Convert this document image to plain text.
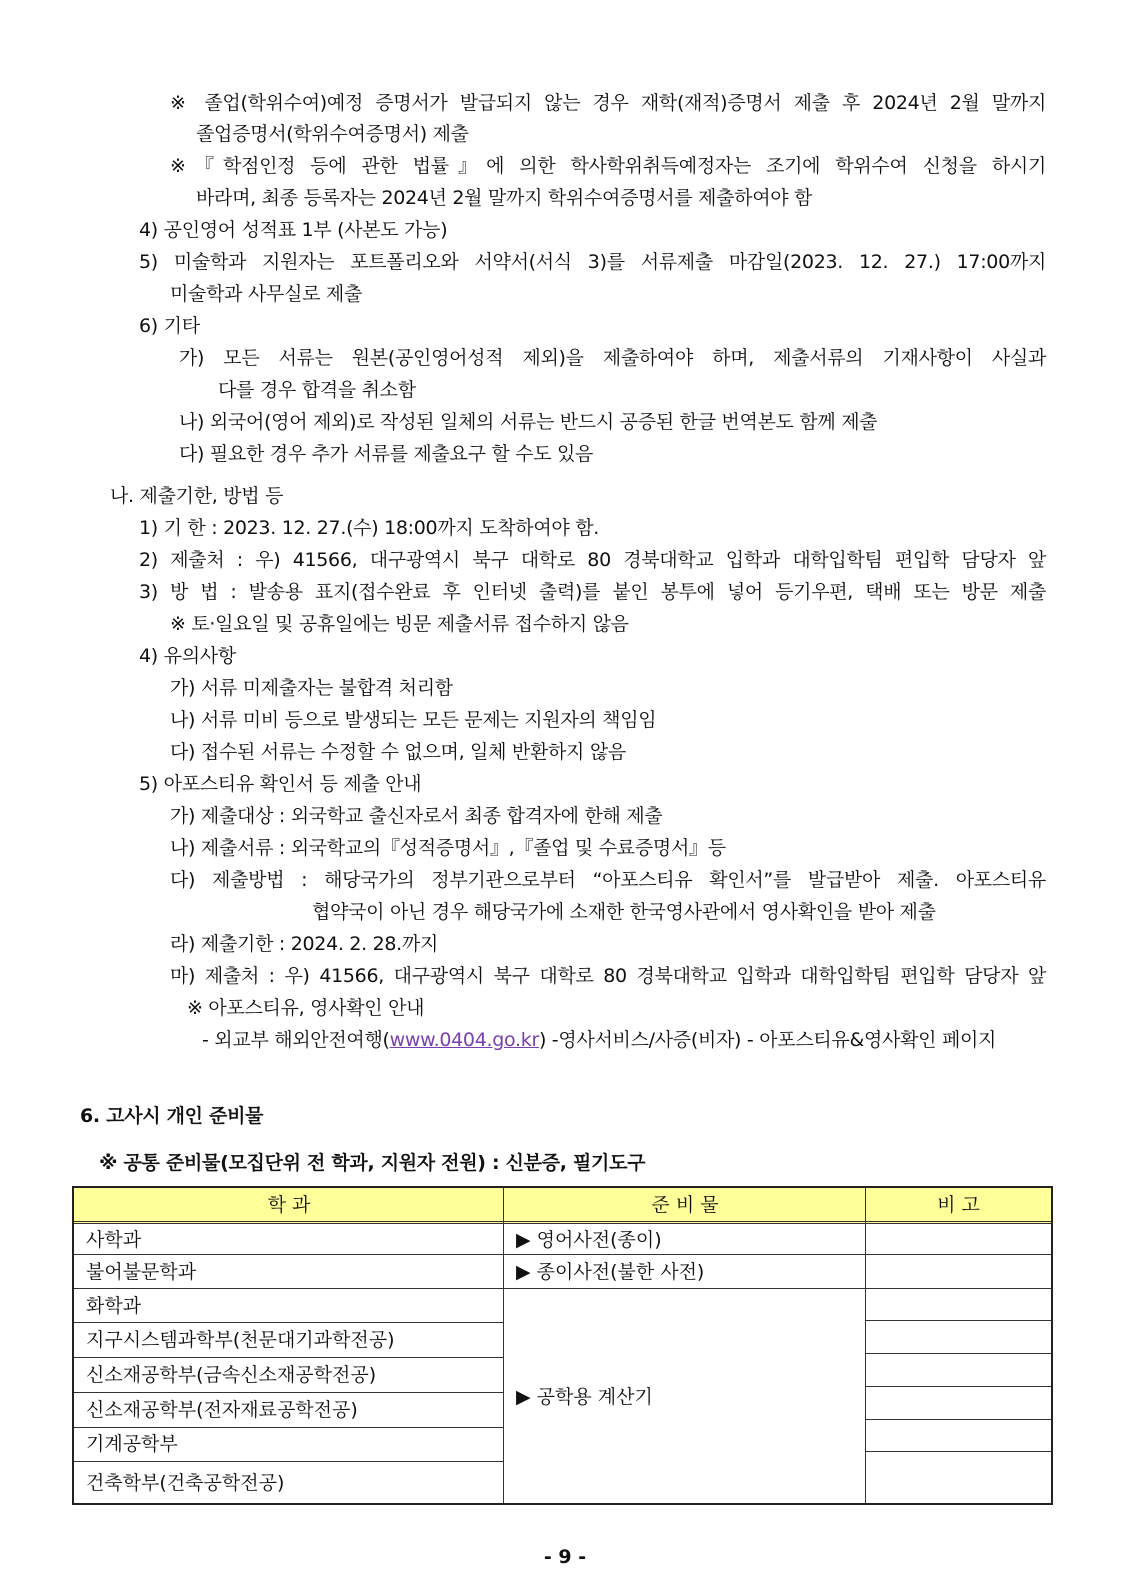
※ 졸업(학위수여)예정 증명서가 발급되지 않는 경우 재학(재적)증명서 제출 후 2024년 2월 말까지
졸업증명서(학위수여증명서) 제출
※『학점인정 등에 관한 법률』에 의한 학사학위취득예정자는 조기에 학위수여 신청을 하시기
바라며, 최종 등록자는 2024년 2월 말까지 학위수여증명서를 제출하여야 함
4) 공인영어 성적표 1부 (사본도 가능)
5) 미술학과 지원자는 포트폴리오와 서약서(서식 3)를 서류제출 마감일(2023. 12. 27.) 17:00까지
미술학과 사무실로 제출
6) 기타
가) 모든 서류는 원본(공인영어성적 제외)을 제출하여야 하며, 제출서류의 기재사항이 사실과
다를 경우 합격을 취소함
나) 외국어(영어 제외)로 작성된 일체의 서류는 반드시 공증된 한글 번역본도 함께 제출
다) 필요한 경우 추가 서류를 제출요구 할 수도 있음
나. 제출기한, 방법 등
1) 기 한 : 2023. 12. 27.(수) 18:00까지 도착하여야 함.
2) 제출처 : 우) 41566, 대구광역시 북구 대학로 80 경북대학교 입학과 대학입학팀 편입학 담당자 앞
3) 방 법 : 발송용 표지(접수완료 후 인터넷 출력)를 붙인 봉투에 넣어 등기우편, 택배 또는 방문 제출
※ 토·일요일 및 공휴일에는 빙문 제출서류 접수하지 않음
4) 유의사항
가) 서류 미제출자는 불합격 처리함
나) 서류 미비 등으로 발생되는 모든 문제는 지원자의 책임임
다) 접수된 서류는 수정할 수 없으며, 일체 반환하지 않음
5) 아포스티유 확인서 등 제출 안내
가) 제출대상 : 외국학교 출신자로서 최종 합격자에 한해 제출
나) 제출서류 : 외국학교의『성적증명서』,『졸업 및 수료증명서』등
다) 제출방법 : 해당국가의 정부기관으로부터 “아포스티유 확인서”를 발급받아 제출. 아포스티유
협약국이 아닌 경우 해당국가에 소재한 한국영사관에서 영사확인을 받아 제출
라) 제출기한 : 2024. 2. 28.까지
마) 제출처 : 우) 41566, 대구광역시 북구 대학로 80 경북대학교 입학과 대학입학팀 편입학 담당자 앞
※ 아포스티유, 영사확인 안내
- 외교부 해외안전여행(www.0404.go.kr) -영사서비스/사증(비자) - 아포스티유&영사확인 페이지
6. 고사시 개인 준비물
※ 공통 준비물(모집단위 전 학과, 지원자 전원) : 신분증, 필기도구
학 과	준 비 물	비 고
사학과
불어불문학과
화학과
지구시스템과학부(천문대기과학전공)
신소재공학부(금속신소재공학전공)
신소재공학부(전자재료공학전공)
기계공학부
건축학부(건축공학전공)
▶ 영어사전(종이)
▶ 종이사전(불한 사전)
▶ 공학용 계산기
- 9 -
